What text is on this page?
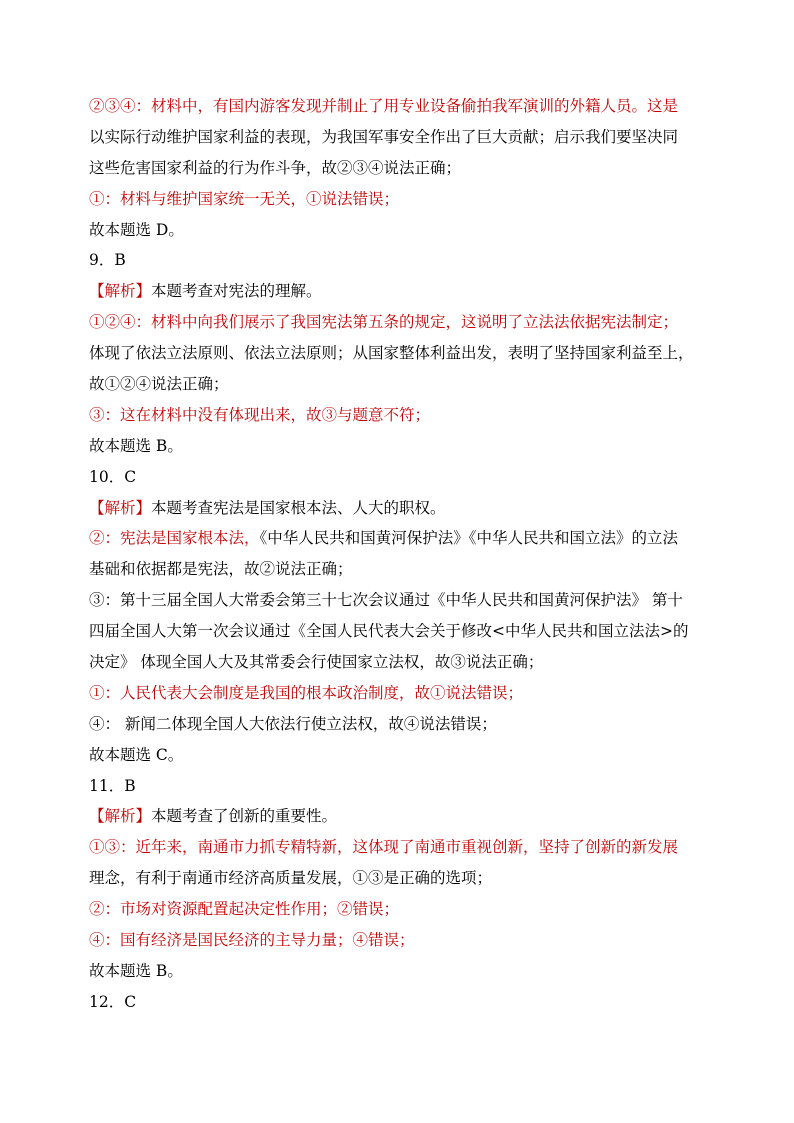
②③④：材料中，有国内游客发现并制止了用专业设备偷拍我军演训的外籍人员。这是
以实际行动维护国家利益的表现，为我国军事安全作出了巨大贡献；启示我们要坚决同
这些危害国家利益的行为作斗争，故②③④说法正确；
①：材料与维护国家统一无关，①说法错误；
故本题选 D。
9．B
【解析】本题考查对宪法的理解。
①②④：材料中向我们展示了我国宪法第五条的规定，这说明了立法法依据宪法制定；
体现了依法立法原则、依法立法原则；从国家整体利益出发，表明了坚持国家利益至上，
故①②④说法正确；
③：这在材料中没有体现出来，故③与题意不符；
故本题选 B。
10．C
【解析】本题考查宪法是国家根本法、人大的职权。
②：宪法是国家根本法，《中华人民共和国黄河保护法》《中华人民共和国立法》的立法
基础和依据都是宪法，故②说法正确；
③：第十三届全国人大常委会第三十七次会议通过《中华人民共和国黄河保护法》 第十
四届全国人大第一次会议通过《全国人民代表大会关于修改<中华人民共和国立法法>的
决定》 体现全国人大及其常委会行使国家立法权，故③说法正确；
①：人民代表大会制度是我国的根本政治制度，故①说法错误；
④： 新闻二体现全国人大依法行使立法权，故④说法错误；
故本题选 C。
11．B
【解析】本题考查了创新的重要性。
①③：近年来，南通市力抓专精特新，这体现了南通市重视创新，坚持了创新的新发展
理念，有利于南通市经济高质量发展，①③是正确的选项；
②：市场对资源配置起决定性作用；②错误；
④：国有经济是国民经济的主导力量；④错误；
故本题选 B。
12．C
